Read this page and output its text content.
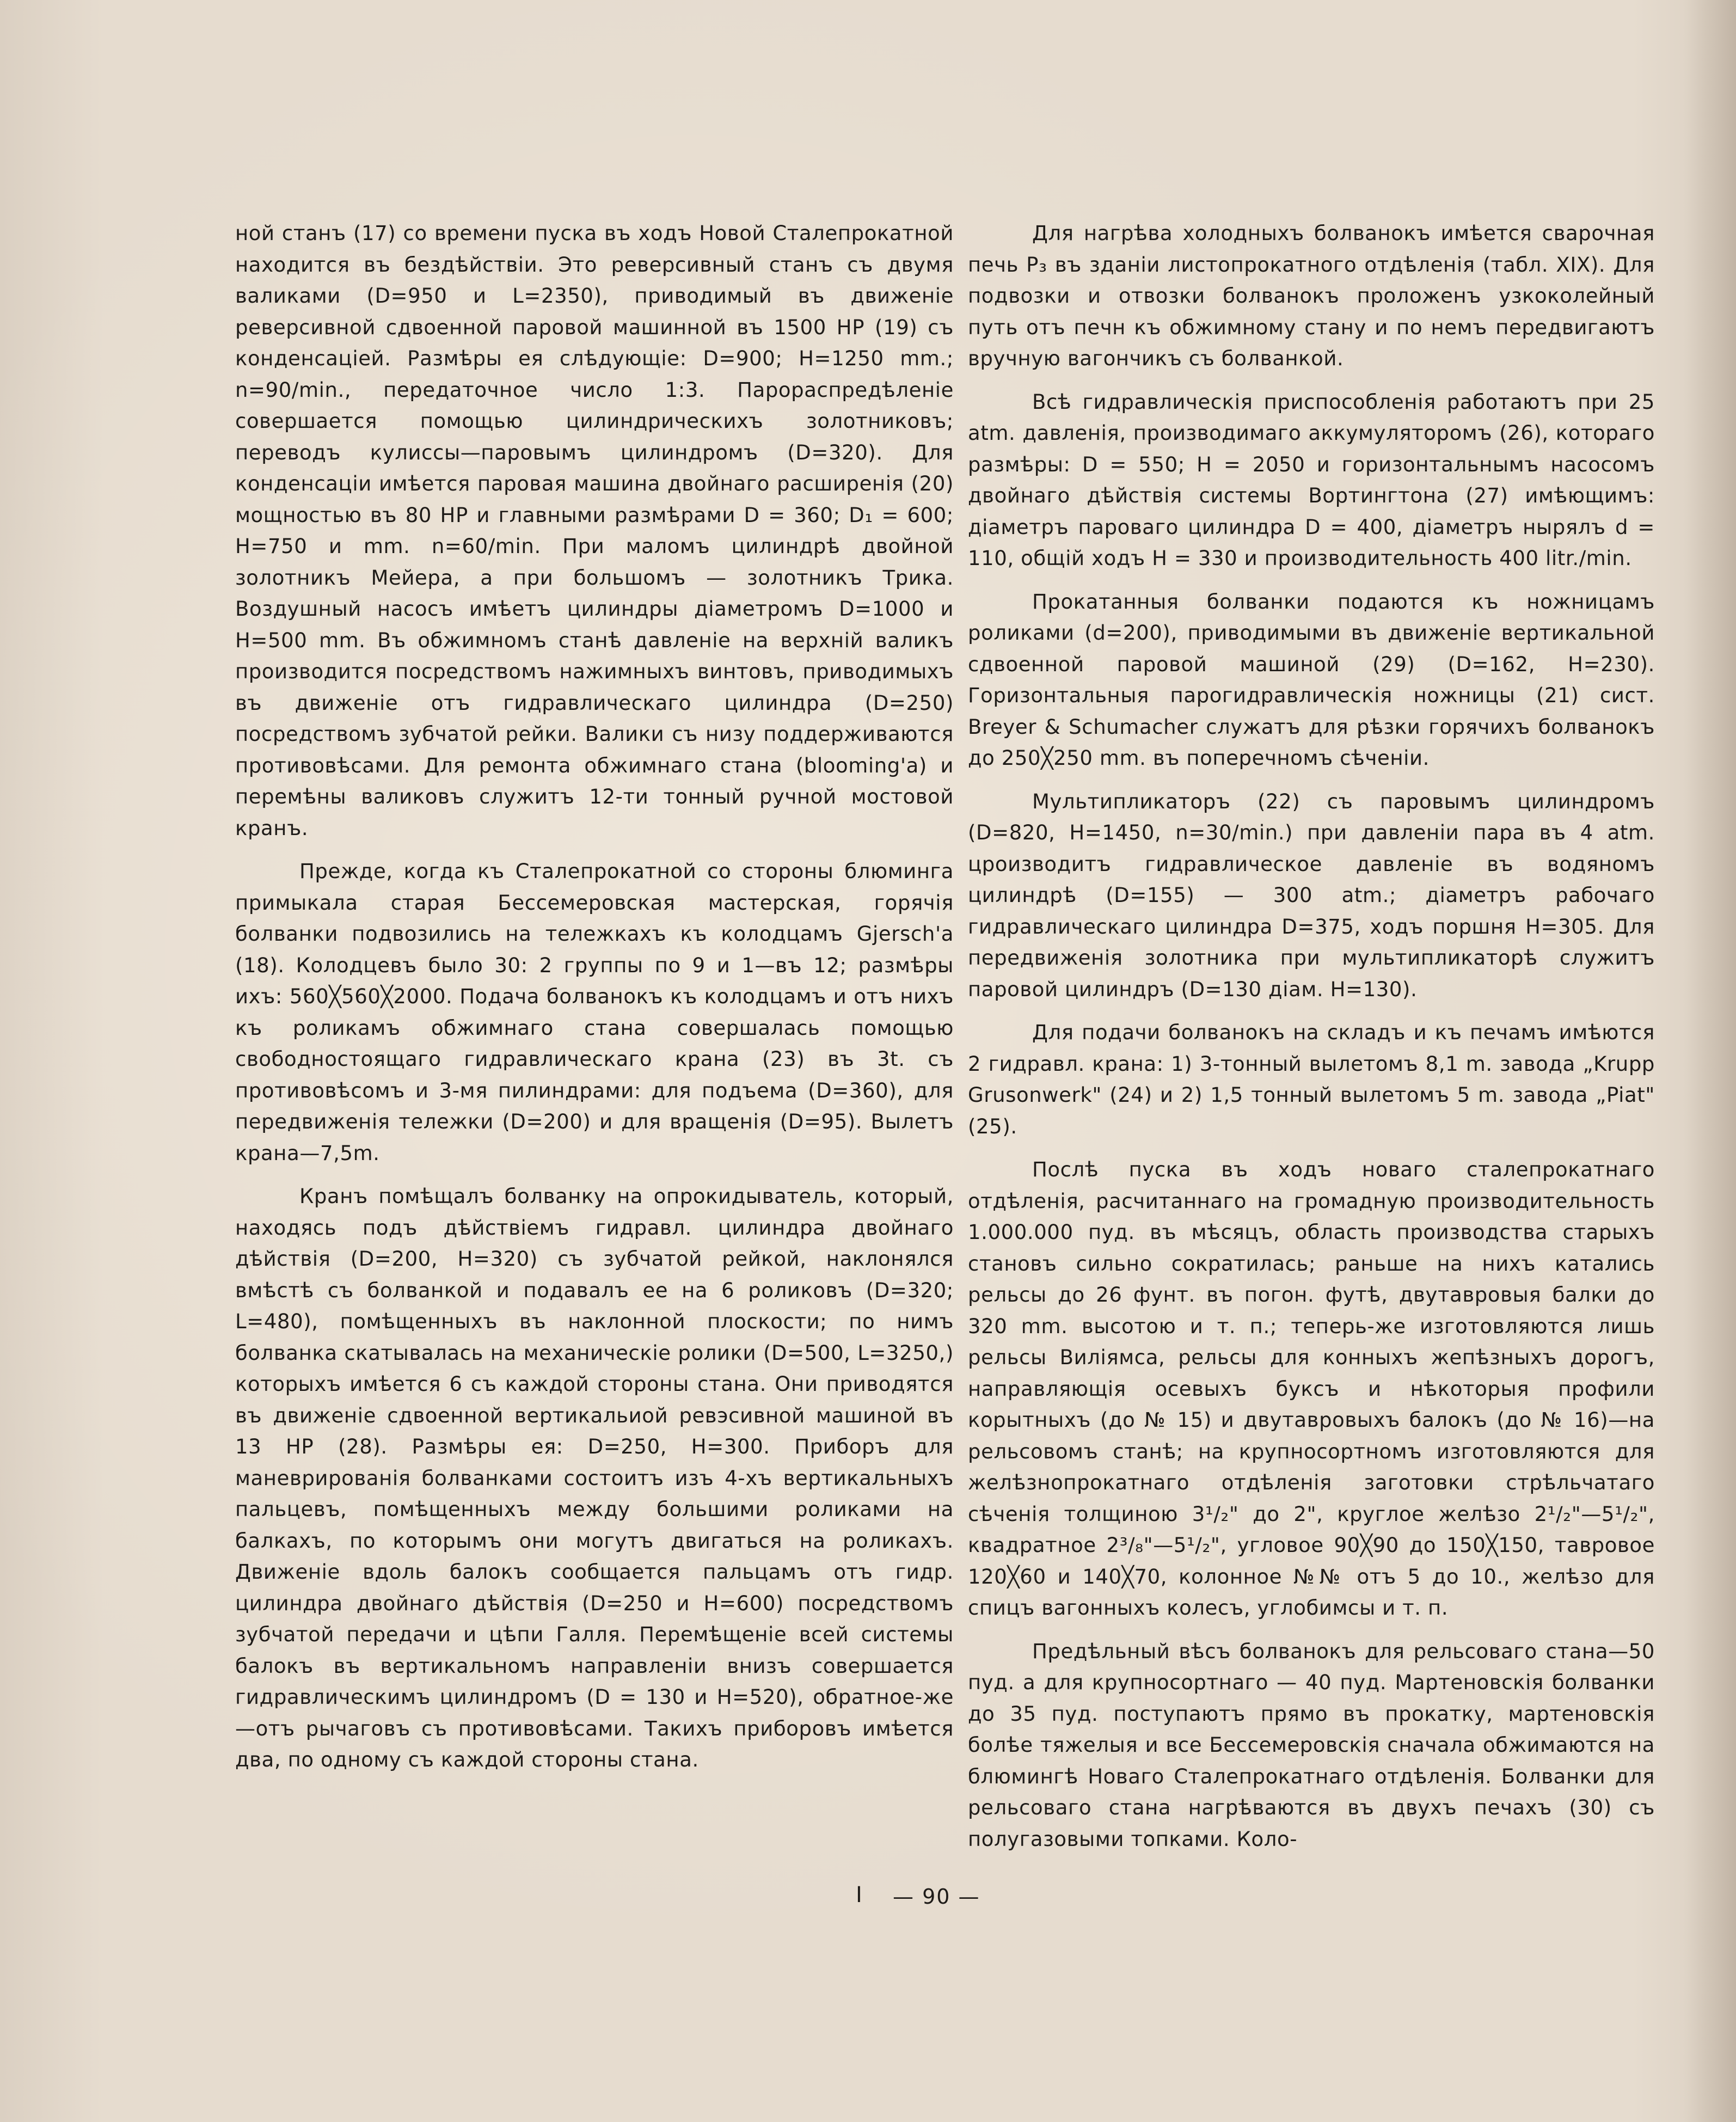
ной станъ (17) со времени пуска въ ходъ Новой Сталепрокатной находится въ бездѣйствіи. Это реверсивный станъ съ двумя валиками (D=950 и L=2350), приводимый въ движеніе реверсивной сдвоенной паровой машинной въ 1500 HP (19) съ конденсаціей. Размѣры ея слѣдующіе: D=900; H=1250 mm.; n=90/min., передаточное число 1:3. Парораспредѣленіе совершается помощью цилиндрическихъ золотниковъ; переводъ кулиссы—паровымъ цилиндромъ (D=320). Для конденсаціи имѣется паровая машина двойнаго расширенія (20) мощностью въ 80 HP и главными размѣрами D = 360; D₁ = 600; H=750 и mm. n=60/min. При маломъ цилиндрѣ двойной золотникъ Мейера, а при большомъ — золотникъ Трика. Воздушный насосъ имѣетъ цилиндры діаметромъ D=1000 и H=500 mm. Въ обжимномъ станѣ давленіе на верхній валикъ производится посредствомъ нажимныхъ винтовъ, приводимыхъ въ движеніе отъ гидравлическаго цилиндра (D=250) посредствомъ зубчатой рейки. Валики съ низу поддерживаются противовѣсами. Для ремонта обжимнаго стана (blooming'a) и перемѣны валиковъ служитъ 12-ти тонный ручной мостовой кранъ.

Прежде, когда къ Сталепрокатной со стороны блюминга примыкала старая Бессемеровская мастерская, горячія болванки подвозились на тележкахъ къ колодцамъ Gjersch'a (18). Колодцевъ было 30: 2 группы по 9 и 1—въ 12; размѣры ихъ: 560╳560╳2000. Подача болванокъ къ колодцамъ и отъ нихъ къ роликамъ обжимнаго стана совершалась помощью свободностоящаго гидравлическаго крана (23) въ 3t. съ противовѣсомъ и 3-мя пилиндрами: для подъема (D=360), для передвиженія тележки (D=200) и для вращенія (D=95). Вылетъ крана—7,5m.

Кранъ помѣщалъ болванку на опрокидыватель, который, находясь подъ дѣйствіемъ гидравл. цилиндра двойнаго дѣйствія (D=200, H=320) съ зубчатой рейкой, наклонялся вмѣстѣ съ болванкой и подавалъ ее на 6 роликовъ (D=320; L=480), помѣщенныхъ въ наклонной плоскости; по нимъ болванка скатывалась на механическіе ролики (D=500, L=3250,) которыхъ имѣется 6 съ каждой стороны стана. Они приводятся въ движеніе сдвоенной вертикальиой ревэсивной машиной въ 13 HP (28). Размѣры ея: D=250, H=300. Приборъ для маневрированія болванками состоитъ изъ 4-хъ вертикальныхъ пальцевъ, помѣщенныхъ между большими роликами на балкахъ, по которымъ они могутъ двигаться на роликахъ. Движеніе вдоль балокъ сообщается пальцамъ отъ гидр. цилиндра двойнаго дѣйствія (D=250 и H=600) посредствомъ зубчатой передачи и цѣпи Галля. Перемѣщеніе всей системы балокъ въ вертикальномъ направленіи внизъ совершается гидравлическимъ цилиндромъ (D = 130 и H=520), обратное-же—отъ рычаговъ съ противовѣсами. Такихъ приборовъ имѣется два, по одному съ каждой стороны стана.

Для нагрѣва холодныхъ болванокъ имѣется сварочная печь P₃ въ зданіи листопрокатного отдѣленія (табл. XIX). Для подвозки и отвозки болванокъ проложенъ узкоколейный путь отъ печн къ обжимному стану и по немъ передвигаютъ вручную вагончикъ съ болванкой.

Всѣ гидравлическія приспособленія работаютъ при 25 atm. давленія, производимаго аккумуляторомъ (26), котораго размѣры: D = 550; H = 2050 и горизонтальнымъ насосомъ двойнаго дѣйствія системы Вортингтона (27) имѣющимъ: діаметръ пароваго цилиндра D = 400, діаметръ нырялъ d = 110, общій ходъ H = 330 и производительность 400 litr./min.

Прокатанныя болванки подаются къ ножницамъ роликами (d=200), приводимыми въ движеніе вертикальной сдвоенной паровой машиной (29) (D=162, H=230). Горизонтальныя парогидравлическія ножницы (21) сист. Breyer & Schumacher служатъ для рѣзки горячихъ болванокъ до 250╳250 mm. въ поперечномъ сѣченіи.

Мультипликаторъ (22) съ паровымъ цилиндромъ (D=820, H=1450, n=30/min.) при давленіи пара въ 4 atm. цроизводитъ гидравлическое давленіе въ водяномъ цилиндрѣ (D=155) — 300 atm.; діаметръ рабочаго гидравлическаго цилиндра D=375, ходъ поршня H=305. Для передвиженія золотника при мультипликаторѣ служитъ паровой цилиндръ (D=130 діам. H=130).

Для подачи болванокъ на складъ и къ печамъ имѣются 2 гидравл. крана: 1) 3-тонный вылетомъ 8,1 m. завода „Krupp Grusonwerk" (24) и 2) 1,5 тонный вылетомъ 5 m. завода „Piat" (25).

Послѣ пуска въ ходъ новаго сталепрокатнаго отдѣленія, расчитаннаго на громадную производительность 1.000.000 пуд. въ мѣсяцъ, область производства старыхъ становъ сильно сократилась; раньше на нихъ катались рельсы до 26 фунт. въ погон. футѣ, двутавровыя балки до 320 mm. высотою и т. п.; теперь-же изготовляются лишь рельсы Виліямса, рельсы для конныхъ жепѣзныхъ дорогъ, направляющія осевыхъ буксъ и нѣкоторыя профили корытныхъ (до № 15) и двутавровыхъ балокъ (до № 16)—на рельсовомъ станѣ; на крупносортномъ изготовляются для желѣзнопрокатнаго отдѣленія заготовки стрѣльчатаго сѣченія толщиною 3¹/₂" до 2", круглое желѣзо 2¹/₂"—5¹/₂", квадратное 2³/₈"—5¹/₂", угловое 90╳90 до 150╳150, тавровое 120╳60 и 140╳70, колонное №№ отъ 5 до 10., желѣзо для спицъ вагонныхъ колесъ, углобимсы и т. п.

Предѣльный вѣсъ болванокъ для рельсоваго стана—50 пуд. а для крупносортнаго — 40 пуд. Мартеновскія болванки до 35 пуд. поступаютъ прямо въ прокатку, мартеновскія болѣе тяжелыя и все Бессемеровскія сначала обжимаются на блюмингѣ Новаго Сталепрокатнаго отдѣленія. Болванки для рельсоваго стана нагрѣваются въ двухъ печахъ (30) съ полугазовыми топками. Коло-

I — 90 —
